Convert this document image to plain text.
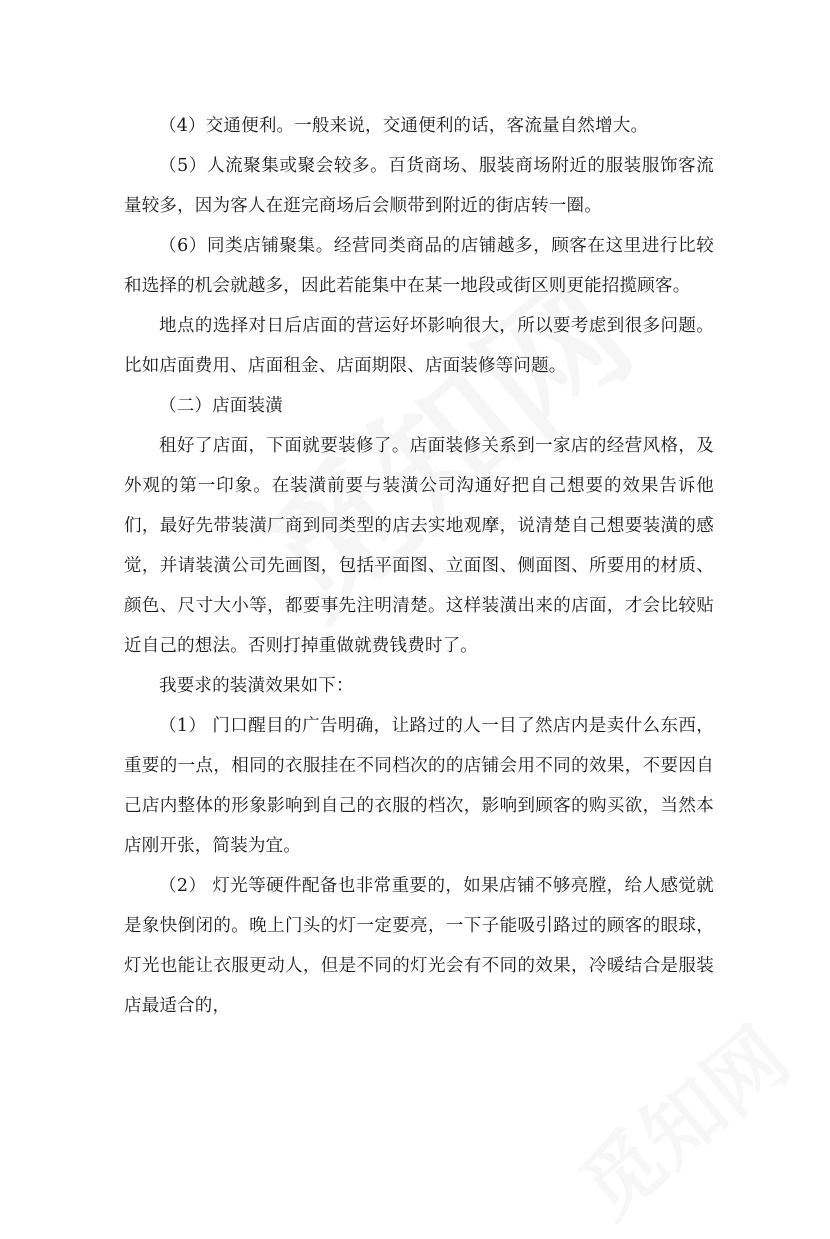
（4）交通便利。一般来说，交通便利的话，客流量自然增大。

（5）人流聚集或聚会较多。百货商场、服装商场附近的服装服饰客流量较多，因为客人在逛完商场后会顺带到附近的街店转一圈。

（6）同类店铺聚集。经营同类商品的店铺越多，顾客在这里进行比较和选择的机会就越多，因此若能集中在某一地段或街区则更能招揽顾客。

地点的选择对日后店面的营运好坏影响很大，所以要考虑到很多问题。比如店面费用、店面租金、店面期限、店面装修等问题。

（二）店面装潢

租好了店面，下面就要装修了。店面装修关系到一家店的经营风格，及外观的第一印象。在装潢前要与装潢公司沟通好把自己想要的效果告诉他们，最好先带装潢厂商到同类型的店去实地观摩，说清楚自己想要装潢的感觉，并请装潢公司先画图，包括平面图、立面图、侧面图、所要用的材质、颜色、尺寸大小等，都要事先注明清楚。这样装潢出来的店面，才会比较贴近自己的想法。否则打掉重做就费钱费时了。

我要求的装潢效果如下：

（1） 门口醒目的广告明确，让路过的人一目了然店内是卖什么东西，重要的一点，相同的衣服挂在不同档次的的店铺会用不同的效果，不要因自己店内整体的形象影响到自己的衣服的档次，影响到顾客的购买欲，当然本店刚开张，简装为宜。

（2） 灯光等硬件配备也非常重要的，如果店铺不够亮膛，给人感觉就是象快倒闭的。晚上门头的灯一定要亮，一下子能吸引路过的顾客的眼球，灯光也能让衣服更动人，但是不同的灯光会有不同的效果，冷暖结合是服装店最适合的，
